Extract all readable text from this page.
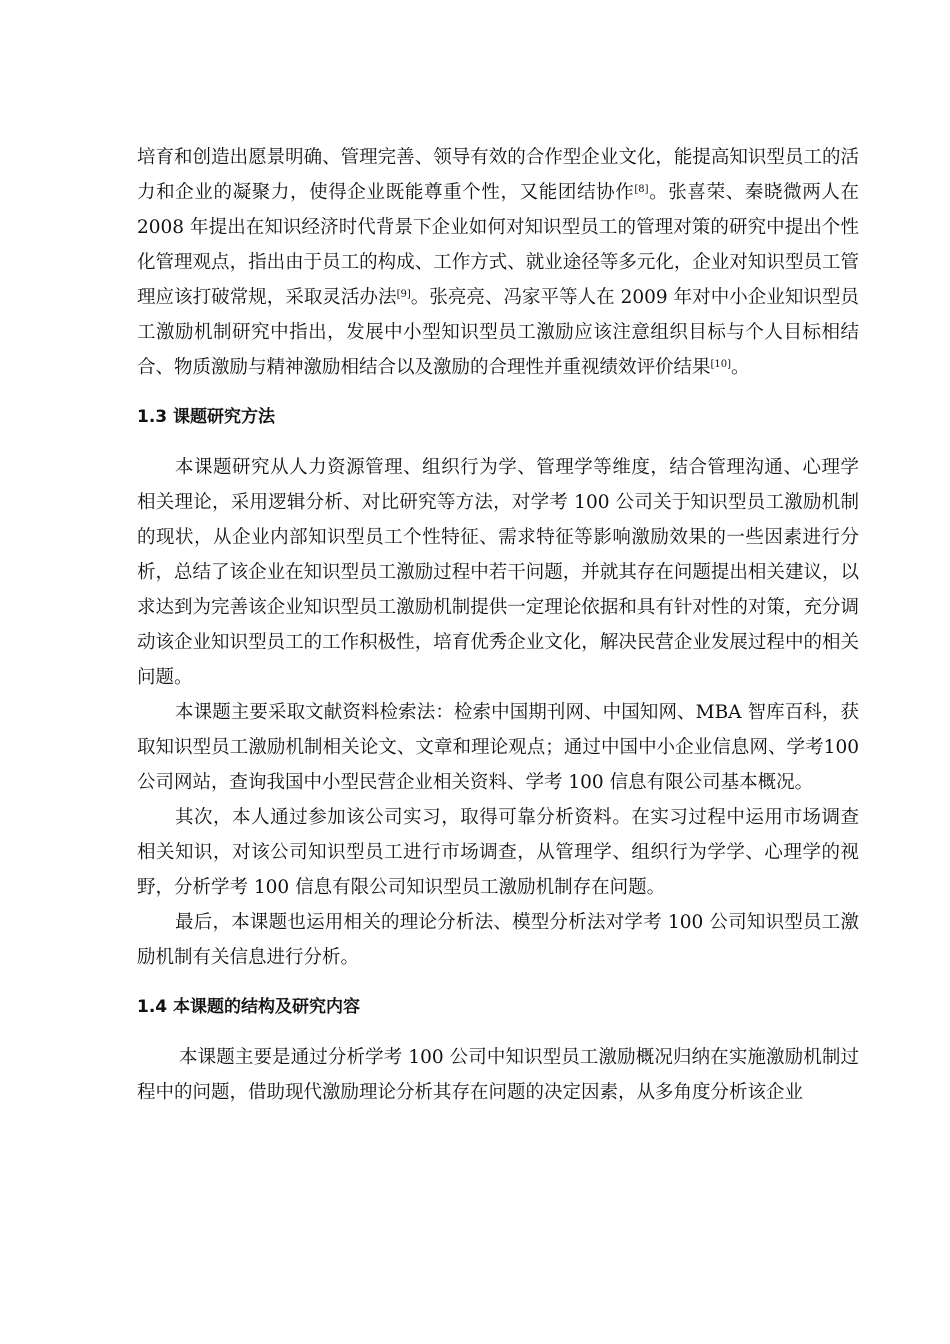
培育和创造出愿景明确、管理完善、领导有效的合作型企业文化，能提高知识型员工的活力和企业的凝聚力，使得企业既能尊重个性，又能团结协作[8]。张喜荣、秦晓微两人在 2008 年提出在知识经济时代背景下企业如何对知识型员工的管理对策的研究中提出个性化管理观点，指出由于员工的构成、工作方式、就业途径等多元化，企业对知识型员工管理应该打破常规，采取灵活办法[9]。张亮亮、冯家平等人在 2009 年对中小企业知识型员工激励机制研究中指出，发展中小型知识型员工激励应该注意组织目标与个人目标相结合、物质激励与精神激励相结合以及激励的合理性并重视绩效评价结果[10]。

1.3 课题研究方法

本课题研究从人力资源管理、组织行为学、管理学等维度，结合管理沟通、心理学相关理论，采用逻辑分析、对比研究等方法，对学考 100 公司关于知识型员工激励机制的现状，从企业内部知识型员工个性特征、需求特征等影响激励效果的一些因素进行分析，总结了该企业在知识型员工激励过程中若干问题，并就其存在问题提出相关建议，以求达到为完善该企业知识型员工激励机制提供一定理论依据和具有针对性的对策，充分调动该企业知识型员工的工作积极性，培育优秀企业文化，解决民营企业发展过程中的相关问题。

本课题主要采取文献资料检索法：检索中国期刊网、中国知网、MBA 智库百科，获取知识型员工激励机制相关论文、文章和理论观点；通过中国中小企业信息网、学考100 公司网站，查询我国中小型民营企业相关资料、学考 100 信息有限公司基本概况。

其次，本人通过参加该公司实习，取得可靠分析资料。在实习过程中运用市场调查相关知识，对该公司知识型员工进行市场调查，从管理学、组织行为学学、心理学的视野，分析学考 100 信息有限公司知识型员工激励机制存在问题。

最后，本课题也运用相关的理论分析法、模型分析法对学考 100 公司知识型员工激励机制有关信息进行分析。

1.4 本课题的结构及研究内容

本课题主要是通过分析学考 100 公司中知识型员工激励概况归纳在实施激励机制过程中的问题，借助现代激励理论分析其存在问题的决定因素，从多角度分析该企业
